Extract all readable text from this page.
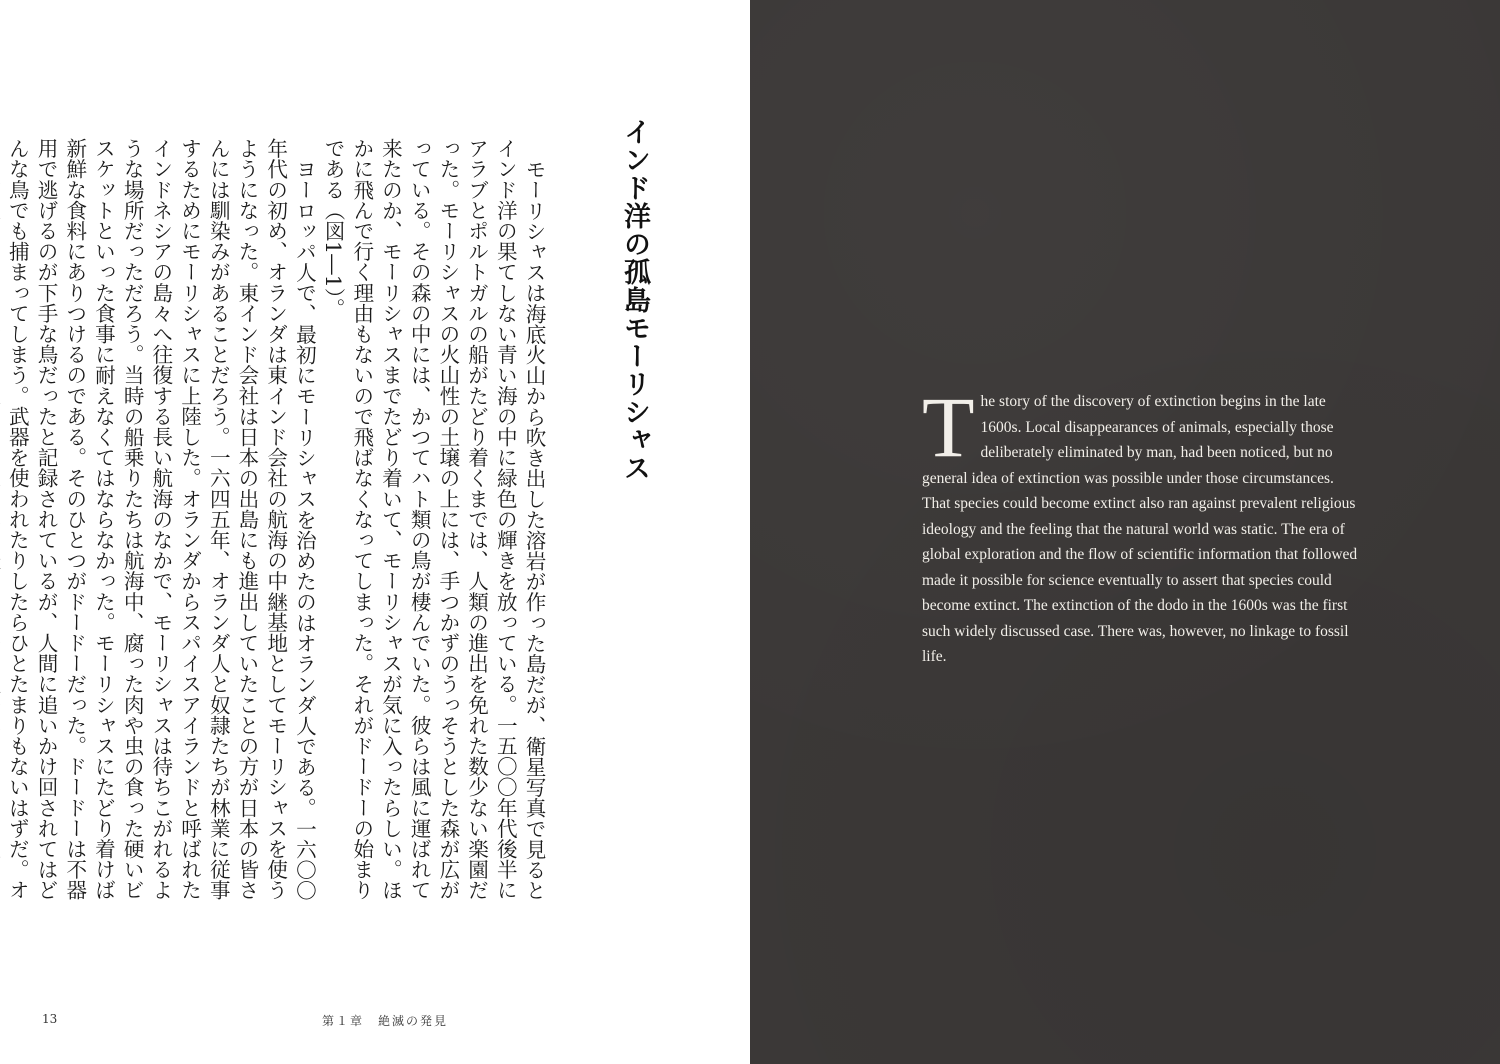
インド洋の孤島モーリシャス

モーリシャスは海底火山から吹き出した溶岩が作った島だが、衛星写真で見るとインド洋の果てしない青い海の中に緑色の輝きを放っている。一五〇〇年代後半にアラブとポルトガルの船がたどり着くまでは、人類の進出を免れた数少ない楽園だった。モーリシャスの火山性の土壌の上には、手つかずのうっそうとした森が広がっている。その森の中には、かつてハト類の鳥が棲んでいた。彼らは風に運ばれて来たのか、モーリシャスまでたどり着いて、モーリシャスが気に入ったらしい。ほかに飛んで行く理由もないので飛ばなくなってしまった。それがドードーの始まりである（図1―1）。

ヨーロッパ人で、最初にモーリシャスを治めたのはオランダ人である。一六〇〇年代の初め、オランダは東インド会社の航海の中継基地としてモーリシャスを使うようになった。東インド会社は日本の出島にも進出していたことの方が日本の皆さんには馴染みがあることだろう。一六四五年、オランダ人と奴隷たちが林業に従事するためにモーリシャスに上陸した。オランダからスパイスアイランドと呼ばれたインドネシアの島々へ往復する長い航海のなかで、モーリシャスは待ちこがれるような場所だっただろう。当時の船乗りたちは航海中、腐った肉や虫の食った硬いビスケットといった食事に耐えなくてはならなかった。モーリシャスにたどり着けば新鮮な食料にありつけるのである。そのひとつがドードーだった。ドードーは不器用で逃げるのが下手な鳥だったと記録されているが、人間に追いかけ回されてはどんな鳥でも捕まってしまう。武器を使われたりしたらひとたまりもないはずだ。オ

13	第１章　絶滅の発見
T he story of the discovery of extinction begins in the late 1600s. Local disappearances of animals, especially those deliberately eliminated by man, had been noticed, but no general idea of extinction was possible under those circumstances. That species could become extinct also ran against prevalent religious ideology and the feeling that the natural world was static. The era of global exploration and the flow of scientific information that followed made it possible for science eventually to assert that species could become extinct. The extinction of the dodo in the 1600s was the first such widely discussed case. There was, however, no linkage to fossil life.
